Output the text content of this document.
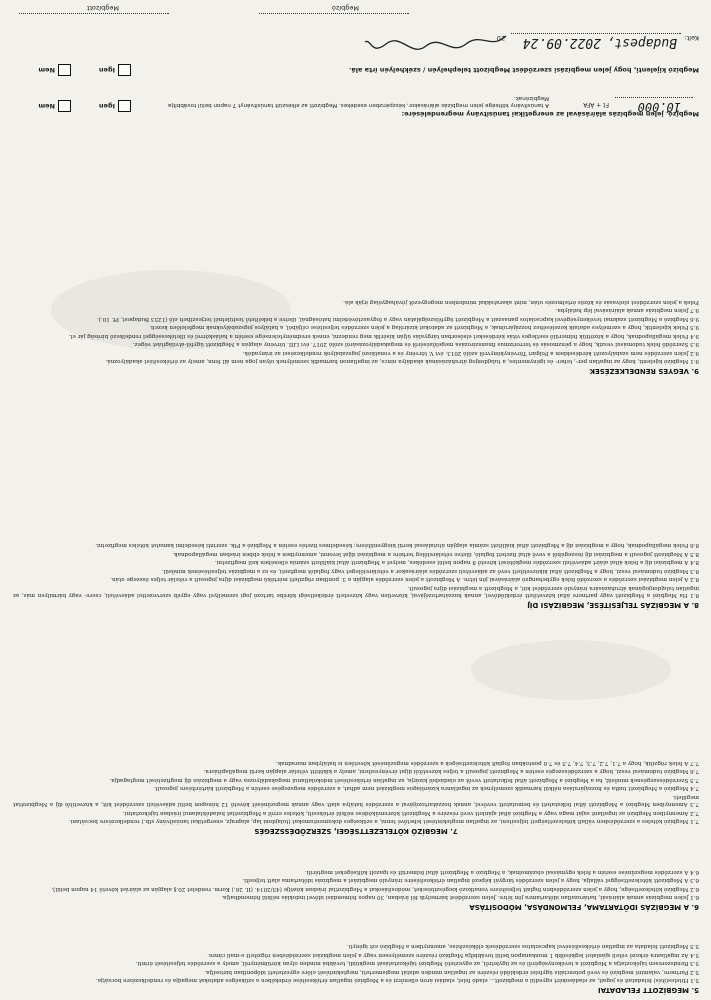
5. MEGBÍZOTT FELADATAI

5.1 Hiteles(ítés) feladatait és jogait, az eladásokért egyedül a megbízott... eladó felel, eladási áron ellenőrzi és a Megbízó ingatlan értékesítése érdekében a szükséges adatokat megadja és rendelkezésre bocsátja.

5.2 Partnere, valamint megbízó és vevő potenciális ügyfelei érdeklődő részére az ingatlan minden adatát megismerteti, megtekintését előre egyeztetett időpontban biztosítja.

5.3 Rendszeresen tájékoztatja a Megbízót a tevékenységéről és az ügyletről, az egyeztető Megbízó tájékoztatását megküldi, továbbá minden olyan körülményről, amely a szerződés teljesítését érinti.

5.4 Az ingatlanra érkező vételi ajánlatot legkésőbb 1 munkanapon belül továbbítja Megbízó részére személyesen vagy a jelen megbízási szerződésben rögzített e-mail címre.

5.5 Megbízott feladata az ingatlan értékesítésével kapcsolatos szerződések előkészítése, amennyiben a Megbízó ezt igényli.

6. A MEGBÍZÁS IDŐTARTAMA, FELMONDÁSA, MÓDOSÍTÁSA

6.1 Jelen megbízás annak aláírását, határozatlan időtartamra jön létre. Jelen szerződést bármelyik fél írásban, 30 napos felmondási idővel indoklás nélkül felmondhatja.

6.2 Megbízó kötelezettsége, hogy a jelen szerződésben foglalt teljesítésre vonatkozó kiegészítéseket, módosításokat a Megbízottal írásban közölje (45/2014. (II. 26.) Korm. rendelet 20.§ alapján az aláírást követő 14 napon belül).

6.3 A Megbízott kötelezettséggel vállalja, hogy a jelen szerződés tárgyát képező ingatlan értékesítésére irányuló megbízást a megbízás időtartama alatt teljesíti.

6.4 A szerződés megszűnése esetén a felek egymással elszámolnak, a Megbízó a Megbízott által felmerült és igazolt költségeket megtéríti.

7. MEGBÍZÓ KÖTELEZETTSÉGEI, SZERZŐDÉSSZEGÉS

7.1 Megbízó köteles a szerződésben vállalt kötelezettségeit teljesíteni, az ingatlan megtekintését lehetővé tenni, a szükséges dokumentumokat (tulajdoni lap, alaprajz, energetikai tanúsítvány stb.) rendelkezésre bocsátani.

7.2 Amennyiben Megbízó az ingatlant saját maga vagy a Megbízó által ajánlott vevő részére a Megbízott közreműködése nélkül értékesíti, köteles erről a Megbízottat haladéktalanul írásban tájékoztatni.

7.3 Amennyiben Megbízó a Megbízott által felkutatott és bemutatott vevővel, annak hozzátartozójával a szerződés hatálya alatt vagy annak megszűnését követő 12 hónapon belül adásvételi szerződést köt, a közvetítői díj a Megbízottat megilleti.

7.4 Megbízó a Megbízott tudta és hozzájárulása nélkül harmadik személynek az ingatlanra kizárólagos megbízást nem adhat, a szerződés megszegése esetén a Megbízott kártérítésre jogosult.

7.5 Szerződésszegésnek minősül, ha a Megbízó a Megbízott által felkutatott vevőt az eladásból kizárja, az ingatlan értékesítését indokolatlanul megakadályozza vagy a megbízási díj megfizetését megtagadja.

7.6 Megbízó tudomásul veszi, hogy a szerződésszegés esetén a Megbízott jogosult a teljes közvetítői díjat érvényesíteni, amely a kikötött vételár alapján kerül megállapításra.

7.7 A felek rögzítik, hogy a 7.1, 7.2, 7.3, 7.4, 7.5 és 7.6 pontokban foglalt kötelezettségek a szerződés megszűnését követően is hatályban maradnak.

8. A MEGBÍZÁS TELJESÍTÉSE, MEGBÍZÁSI DÍJ

8.1 Ha Megbízó a Megbízott vagy partnere által közvetített érdeklődővel, annak hozzátartozójával, közvetlen vagy közvetett érdekeltségi körébe tartozó jogi személlyel vagy egyéb szervezettel adásvételi, csere- vagy bármilyen más, az ingatlan tulajdonjogának átruházására irányuló szerződést köt, a Megbízott a megbízási díjra jogosult.

8.2 A jelen megbízási szerződés a szerződő felek egybehangzó aláírásával jön létre. A Megbízott a jelen szerződés alapján a 3. pontban rögzített mértékű megbízási díjra jogosult a vételár teljes összege után.

8.3 Megbízó tudomásul veszi, hogy a Megbízott által kiközvetített vevő az adásvételi szerződés aláírásakor a vételárelőleget vagy foglalót megfizeti, és ez a megbízás teljesítésének minősül.

8.4 A megbízási díj a felek által aláírt adásvételi szerződés megkötését követő 8 napon belül esedékes, melyet a Megbízott által kiállított számla ellenében kell megfizetni.

8.5 A Megbízott jogosult a megbízási díj összegéből a vevő által fizetett foglaló, illetve vételárelőleg terhére a megbízási díjat levonni, amennyiben a felek ebben írásban megállapodnak.

8.6 Felek megállapodnak, hogy a megbízási díj a Megbízott által kiállított számla alapján átutalással kerül kiegyenlítésre; késedelmes fizetés esetén a Megbízó a Ptk. szerinti késedelmi kamatot köteles megfizetni.

9. VEGYES RENDELKEZÉSEK

9.1 Megbízó kijelenti, hogy az ingatlan per-, teher- és igénymentes, a tulajdonjog átruházásának akadálya nincs, az ingatlanon harmadik személynek olyan joga nem áll fenn, amely az értékesítést akadályozná.

9.2 Jelen szerződés nem szabályozott kérdésekben a Polgári Törvénykönyvről szóló 2013. évi V. törvény és a vonatkozó jogszabályok rendelkezései az irányadók.

9.3 Szerződő felek tudomásul veszik, hogy a pénzmosás és terrorizmus finanszírozása megelőzéséről és megakadályozásáról szóló 2017. évi LIII. törvény alapján a Megbízott ügyfél-átvilágítást végez.

9.4 Felek megállapodnak, hogy a közöttük felmerülő esetleges vitás kérdéseket elsősorban tárgyalás útján kísérlik meg rendezni, ennek eredménytelensége esetén a hatáskörrel és illetékességgel rendelkező bíróság jár el.

9.5 Felek kijelentik, hogy a személyes adataik kezeléséhez hozzájárulnak, a Megbízott az adatokat kizárólag a jelen szerződés teljesítése céljából, a hatályos jogszabályoknak megfelelően kezeli.

9.6 Megbízó a Megbízott szakmai tevékenységével kapcsolatos panaszait a Megbízott ügyfélszolgálatán vagy a fogyasztóvédelmi hatóságnál, illetve a békéltető testületnél terjesztheti elő (1253 Budapest, Pf. 10.).

9.7 Jelen megbízás annak aláírásával lép hatályba.

Felek a jelen szerződést elolvasás és közös értelmezés után, mint akaratukkal mindenben megegyezőt jóváhagyólag írják alá.

Megbízó, jelen megbízás aláírásával az energetikai tanúsítvány megrendelésére:
10.000
Ft + ÁFA
A tanúsítvány költsége jelen megbízás aláírásakor, készpénzben esedékes. Megbízott az elkészült tanúsítványt 7 napon belül továbbítja Megbízónak.
Igen
Nem
Megbízó kijelenti, hogy jelen megbízási szerződést Megbízott telephelyén / székhelyén írta alá.
Igen
Nem
Kelt:
Budapest,
2022.09.24
20
Megbízó
Megbízott
